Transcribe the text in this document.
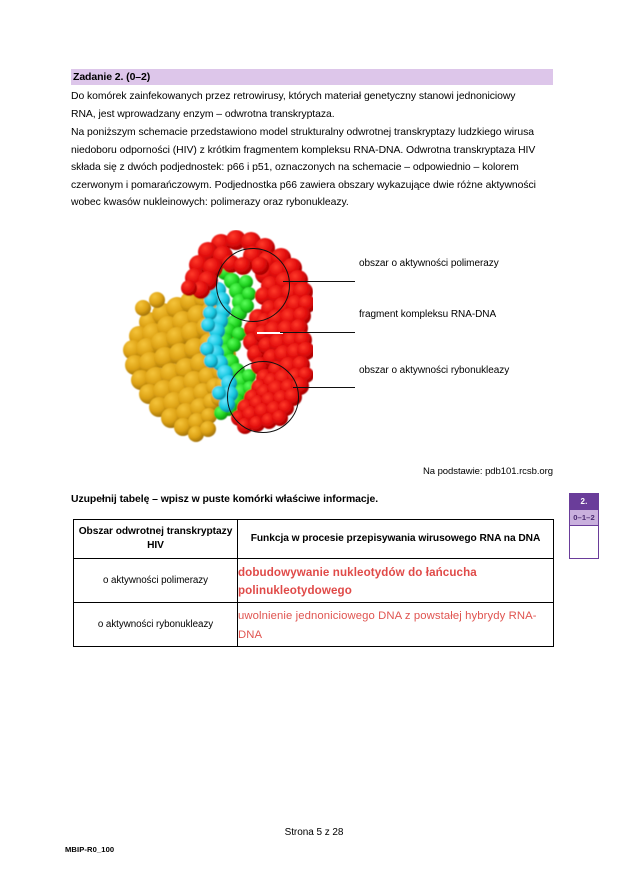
Zadanie 2. (0–2)
Do komórek zainfekowanych przez retrowirusy, których materiał genetyczny stanowi jednoniciowy RNA, jest wprowadzany enzym – odwrotna transkryptaza.
Na poniższym schemacie przedstawiono model strukturalny odwrotnej transkryptazy ludzkiego wirusa niedoboru odporności (HIV) z krótkim fragmentem kompleksu RNA-DNA. Odwrotna transkryptaza HIV składa się z dwóch podjednostek: p66 i p51, oznaczonych na schemacie – odpowiednio – kolorem czerwonym i pomarańczowym. Podjednostka p66 zawiera obszary wykazujące dwie różne aktywności wobec kwasów nukleinowych: polimerazy oraz rybonukleazy.
obszar o aktywności polimerazy
fragment kompleksu RNA-DNA
obszar o aktywności rybonukleazy
Na podstawie: pdb101.rcsb.org
Uzupełnij tabelę – wpisz w puste komórki właściwe informacje.
Obszar odwrotnej transkryptazy HIV	Funkcja w procesie przepisywania wirusowego RNA na DNA
o aktywności polimerazy	dobudowywanie nukleotydów do łańcucha polinukleotydowego
o aktywności rybonukleazy	uwolnienie jednoniciowego DNA z powstałej hybrydy RNA-DNA
2.
0–1–2
Strona 5 z 28
MBIP-R0_100
